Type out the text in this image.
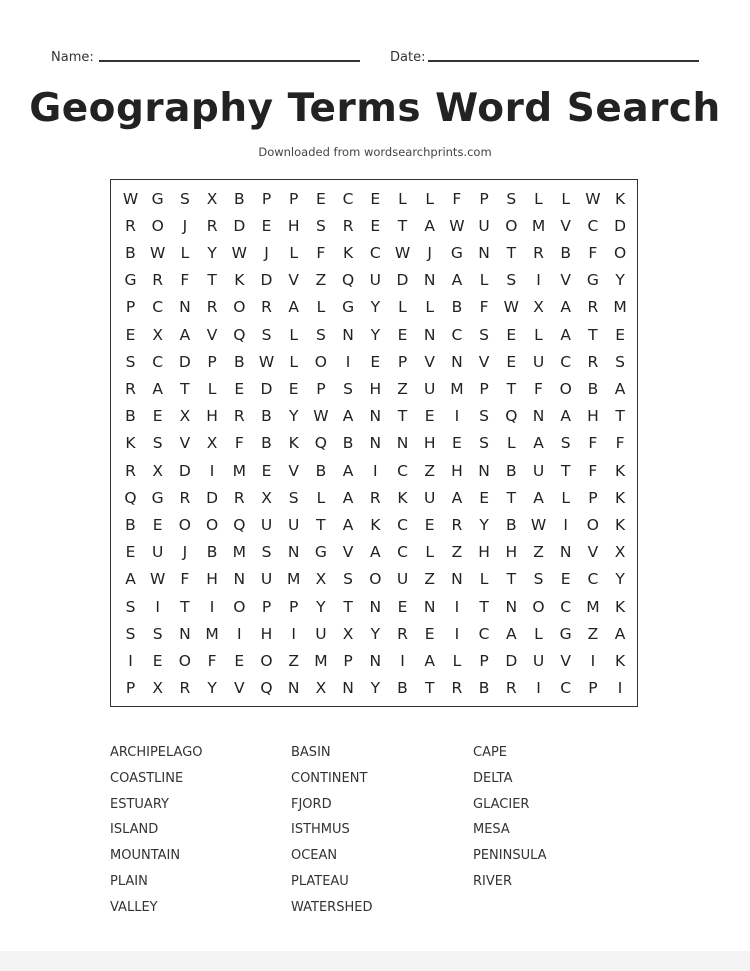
Name:	Date:
Geography Terms Word Search
Downloaded from wordsearchprints.com
W G	S	X	B	P	P	E	C	E	L	L	F	P	S	L	L W K
R	O	J	R	D	E	H	S	R	E	T	A W U O M V	C	D
B W L	Y W	J	L	F	K	C W	J	G N	T	R	B	F	O
G	R	F	T	K	D	V	Z	Q U	D N	A	L	S	I	V	G	Y
P	C	N	R	O	R	A	L	G	Y	L	L	B	F W X	A	R M
E	X	A	V	Q	S	L	S	N	Y	E	N	C	S	E	L	A	T	E
S	C	D	P	B W L	O	I	E	P	V	N	V	E	U	C	R	S
R	A	T	L	E	D	E	P	S	H	Z	U M	P	T	F	O	B	A
B	E	X	H	R	B	Y W A	N	T	E	I	S	Q N	A	H	T
K	S	V	X	F	B	K	Q	B	N	N	H	E	S	L	A	S	F	F
R	X	D	I	M	E	V	B	A	I	C	Z	H	N	B	U	T	F	K
Q G	R	D	R	X	S	L	A	R	K	U	A	E	T	A	L	P	K
B	E	O O Q U	U	T	A	K	C	E	R	Y	B W	I	O	K
E	U	J	B M	S	N G	V	A	C	L	Z	H	H	Z	N	V	X
A W F	H	N	U M X	S	O U	Z	N	L	T	S	E	C	Y
S	I	T	I	O	P	P	Y	T	N	E	N	I	T	N O	C M K
S	S	N M	I	H	I	U	X	Y	R	E	I	C	A	L	G	Z	A
I	E	O	F	E	O	Z M	P	N	I	A	L	P	D	U	V	I	K
P	X	R	Y	V	Q N	X	N	Y	B	T	R	B	R	I	C	P	I
ARCHIPELAGO	BASIN	CAPE
COASTLINE	CONTINENT	DELTA
ESTUARY	FJORD	GLACIER
ISLAND	ISTHMUS	MESA
MOUNTAIN	OCEAN	PENINSULA
PLAIN	PLATEAU	RIVER
VALLEY	WATERSHED
